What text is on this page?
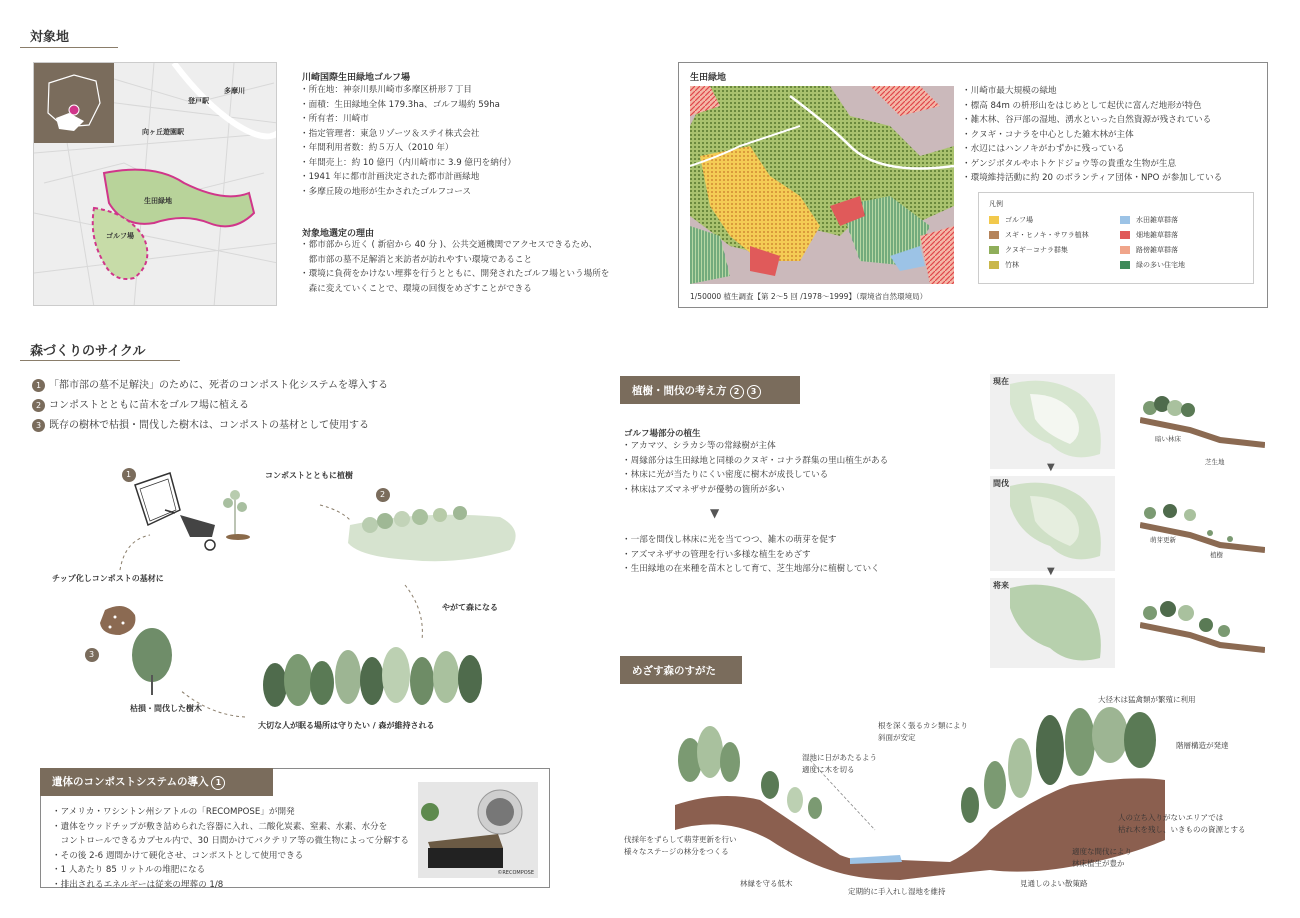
対象地
多摩川
登戸駅
向ヶ丘遊園駅
生田緑地
ゴルフ場
川崎国際生田緑地ゴルフ場
・所在地：神奈川県川崎市多摩区枡形７丁目
・面積：生田緑地全体 179.3ha、ゴルフ場約 59ha
・所有者：川崎市
・指定管理者：東急リゾーツ＆ステイ株式会社
・年間利用者数：約５万人（2010 年）
・年間売上：約 10 億円（内川崎市に 3.9 億円を納付）
・1941 年に都市計画決定された都市計画緑地
・多摩丘陵の地形が生かされたゴルフコース
対象地選定の理由
・都市部から近く ( 新宿から 40 分 )、公共交通機関でアクセスできるため、
　都市部の墓不足解消と来訪者が訪れやすい環境であること
・環境に負荷をかけない埋葬を行うとともに、開発されたゴルフ場という場所を
　森に変えていくことで、環境の回復をめざすことができる
生田緑地
・川崎市最大規模の緑地
・標高 84m の枡形山をはじめとして起伏に富んだ地形が特色
・雑木林、谷戸部の湿地、湧水といった自然資源が残されている
・クヌギ・コナラを中心とした雑木林が主体
・水辺にはハンノキがわずかに残っている
・ゲンジボタルやホトケドジョウ等の貴重な生物が生息
・環境維持活動に約 20 のボランティア団体・NPO が参加している
凡例
ゴルフ場	水田雑草群落
スギ・ヒノキ・サワラ植林	畑地雑草群落
クヌギ－コナラ群集	路傍雑草群落
竹林	緑の多い住宅地
1/50000 植生調査【第 2～5 回 /1978～1999】（環境省自然環境局）
森づくりのサイクル
1 「都市部の墓不足解決」のために、死者のコンポスト化システムを導入する
2 コンポストとともに苗木をゴルフ場に植える
3 既存の樹林で枯損・間伐した樹木は、コンポストの基材として使用する
1
2
3
コンポストとともに植樹
やがて森になる
チップ化しコンポストの基材に
枯損・間伐した樹木
大切な人が眠る場所は守りたい / 森が維持される
遺体のコンポストシステムの導入 1
・アメリカ・ワシントン州シアトルの「RECOMPOSE」が開発
・遺体をウッドチップが敷き詰められた容器に入れ、二酸化炭素、窒素、水素、水分を
　コントロールできるカプセル内で、30 日間かけてバクテリア等の微生物によって分解する
・その後 2-6 週間かけて硬化させ、コンポストとして使用できる
・1 人あたり 85 リットルの堆肥になる
・排出されるエネルギーは従来の埋葬の 1/8
©RECOMPOSE
植樹・間伐の考え方 2 3
ゴルフ場部分の植生
・アカマツ、シラカシ等の常緑樹が主体
・周縁部分は生田緑地と同様のクヌギ・コナラ群集の里山植生がある
・林床に光が当たりにくい密度に樹木が成長している
・林床はアズマネザサが優勢の箇所が多い
▼
・一部を間伐し林床に光を当てつつ、雑木の萌芽を促す
・アズマネザサの管理を行い多様な植生をめざす
・生田緑地の在来種を苗木として育て、芝生地部分に植樹していく
現在
暗い林床
芝生地
▼
間伐
萌芽更新
植樹
▼
将来
めざす森のすがた
大径木は猛禽類が繁殖に利用
階層構造が発達
根を深く張るカシ類により
斜面が安定
湿地に日があたるよう
適度に木を切る
人の立ち入りがないエリアでは
枯れ木を残し、いきものの資源とする
適度な間伐により
林床植生が豊か
伐採年をずらして萌芽更新を行い
様々なステージの林分をつくる
林縁を守る低木
定期的に手入れし湿地を維持
見通しのよい散策路
